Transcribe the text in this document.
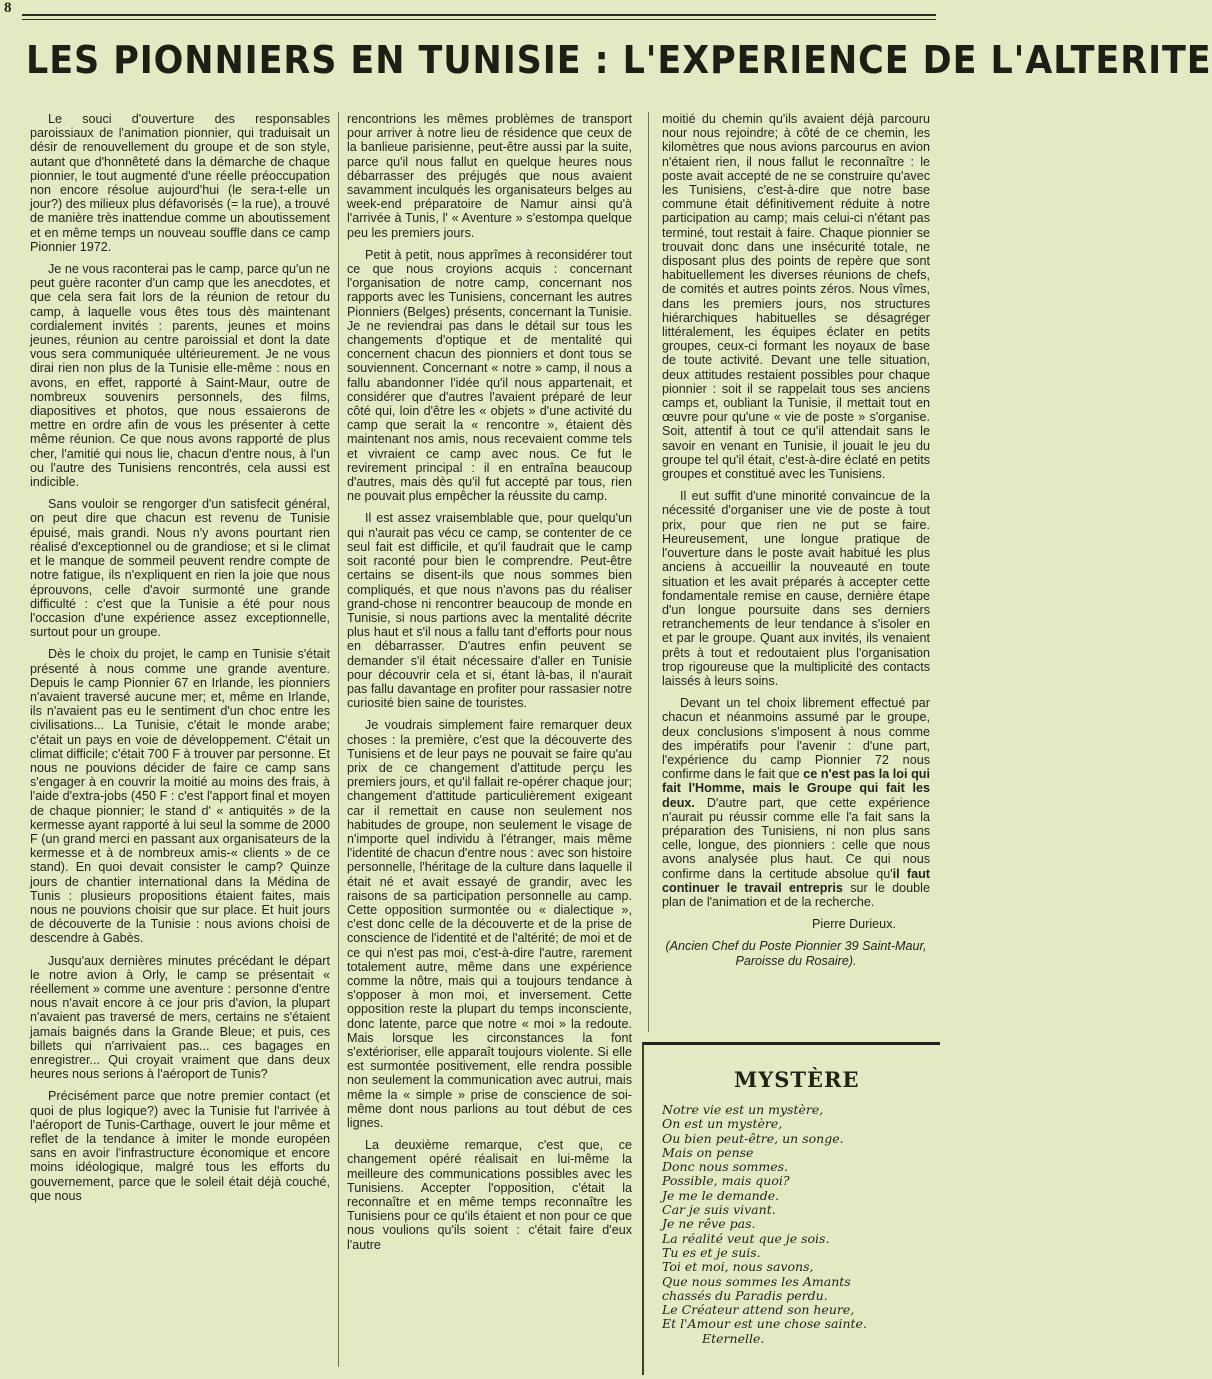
8
LES PIONNIERS EN TUNISIE : L'EXPERIENCE DE L'ALTERITE

Le souci d'ouverture des responsables paroissiaux de l'animation pionnier, qui traduisait un désir de renouvellement du groupe et de son style, autant que d'honnêteté dans la démarche de chaque pionnier, le tout augmenté d'une réelle préoccupation non encore résolue aujourd'hui (le sera-t-elle un jour?) des milieux plus défavorisés (= la rue), a trouvé de manière très inattendue comme un aboutissement et en même temps un nouveau souffle dans ce camp Pionnier 1972.

Je ne vous raconterai pas le camp, parce qu'un ne peut guère raconter d'un camp que les anecdotes, et que cela sera fait lors de la réunion de retour du camp, à laquelle vous êtes tous dès maintenant cordialement invités : parents, jeunes et moins jeunes, réunion au centre paroissial et dont la date vous sera communiquée ultérieurement. Je ne vous dirai rien non plus de la Tunisie elle-même : nous en avons, en effet, rapporté à Saint-Maur, outre de nombreux souvenirs personnels, des films, diapositives et photos, que nous essaierons de mettre en ordre afin de vous les présenter à cette même réunion. Ce que nous avons rapporté de plus cher, l'amitié qui nous lie, chacun d'entre nous, à l'un ou l'autre des Tunisiens rencontrés, cela aussi est indicible.

Sans vouloir se rengorger d'un satisfecit général, on peut dire que chacun est revenu de Tunisie épuisé, mais grandi. Nous n'y avons pourtant rien réalisé d'exceptionnel ou de grandiose; et si le climat et le manque de sommeil peuvent rendre compte de notre fatigue, ils n'expliquent en rien la joie que nous éprouvons, celle d'avoir surmonté une grande difficulté : c'est que la Tunisie a été pour nous l'occasion d'une expérience assez exceptionnelle, surtout pour un groupe.

Dès le choix du projet, le camp en Tunisie s'était présenté à nous comme une grande aventure. Depuis le camp Pionnier 67 en Irlande, les pionniers n'avaient traversé aucune mer; et, même en Irlande, ils n'avaient pas eu le sentiment d'un choc entre les civilisations... La Tunisie, c'était le monde arabe; c'était un pays en voie de développement. C'était un climat difficile; c'était 700 F à trouver par personne. Et nous ne pouvions décider de faire ce camp sans s'engager à en couvrir la moitié au moins des frais, à l'aide d'extra-jobs (450 F : c'est l'apport final et moyen de chaque pionnier; le stand d' « antiquités » de la kermesse ayant rapporté à lui seul la somme de 2000 F (un grand merci en passant aux organisateurs de la kermesse et à de nombreux amis-« clients » de ce stand). En quoi devait consister le camp? Quinze jours de chantier international dans la Médina de Tunis : plusieurs propositions étaient faites, mais nous ne pouvions choisir que sur place. Et huit jours de découverte de la Tunisie : nous avions choisi de descendre à Gabès.

Jusqu'aux dernières minutes précédant le départ le notre avion à Orly, le camp se présentait « réellement » comme une aventure : personne d'entre nous n'avait encore à ce jour pris d'avion, la plupart n'avaient pas traversé de mers, certains ne s'étaient jamais baignés dans la Grande Bleue; et puis, ces billets qui n'arrivaient pas... ces bagages en enregistrer... Qui croyait vraiment que dans deux heures nous serions à l'aéroport de Tunis?

Précisément parce que notre premier contact (et quoi de plus logique?) avec la Tunisie fut l'arrivée à l'aéroport de Tunis-Carthage, ouvert le jour même et reflet de la tendance à imiter le monde européen sans en avoir l'infrastructure économique et encore moins idéologique, malgré tous les efforts du gouvernement, parce que le soleil était déjà couché, que nous

rencontrions les mêmes problèmes de transport pour arriver à notre lieu de résidence que ceux de la banlieue parisienne, peut-être aussi par la suite, parce qu'il nous fallut en quelque heures nous débarrasser des préjugés que nous avaient savamment inculqués les organisateurs belges au week-end préparatoire de Namur ainsi qu'à l'arrivée à Tunis, l' « Aventure » s'estompa quelque peu les premiers jours.

Petit à petit, nous apprîmes à reconsidérer tout ce que nous croyions acquis : concernant l'organisation de notre camp, concernant nos rapports avec les Tunisiens, concernant les autres Pionniers (Belges) présents, concernant la Tunisie. Je ne reviendrai pas dans le détail sur tous les changements d'optique et de mentalité qui concernent chacun des pionniers et dont tous se souviennent. Concernant « notre » camp, il nous a fallu abandonner l'idée qu'il nous appartenait, et considérer que d'autres l'avaient préparé de leur côté qui, loin d'être les « objets » d'une activité du camp que serait la « rencontre », étaient dès maintenant nos amis, nous recevaient comme tels et vivraient ce camp avec nous. Ce fut le revirement principal : il en entraîna beaucoup d'autres, mais dès qu'il fut accepté par tous, rien ne pouvait plus empêcher la réussite du camp.

Il est assez vraisemblable que, pour quelqu'un qui n'aurait pas vécu ce camp, se contenter de ce seul fait est difficile, et qu'il faudrait que le camp soit raconté pour bien le comprendre. Peut-être certains se disent-ils que nous sommes bien compliqués, et que nous n'avons pas du réaliser grand-chose ni rencontrer beaucoup de monde en Tunisie, si nous partions avec la mentalité décrite plus haut et s'il nous a fallu tant d'efforts pour nous en débarrasser. D'autres enfin peuvent se demander s'il était nécessaire d'aller en Tunisie pour découvrir cela et si, étant là-bas, il n'aurait pas fallu davantage en profiter pour rassasier notre curiosité bien saine de touristes.

Je voudrais simplement faire remarquer deux choses : la première, c'est que la découverte des Tunisiens et de leur pays ne pouvait se faire qu'au prix de ce changement d'attitude perçu les premiers jours, et qu'il fallait re-opérer chaque jour; changement d'attitude particulièrement exigeant car il remettait en cause non seulement nos habitudes de groupe, non seulement le visage de n'importe quel individu à l'étranger, mais même l'identité de chacun d'entre nous : avec son histoire personnelle, l'héritage de la culture dans laquelle il était né et avait essayé de grandir, avec les raisons de sa participation personnelle au camp. Cette opposition surmontée ou « dialectique », c'est donc celle de la découverte et de la prise de conscience de l'identité et de l'altérité; de moi et de ce qui n'est pas moi, c'est-à-dire l'autre, rarement totalement autre, même dans une expérience comme la nôtre, mais qui a toujours tendance à s'opposer à mon moi, et inversement. Cette opposition reste la plupart du temps inconsciente, donc latente, parce que notre « moi » la redoute. Mais lorsque les circonstances la font s'extérioriser, elle apparaît toujours violente. Si elle est surmontée positivement, elle rendra possible non seulement la communication avec autrui, mais même la « simple » prise de conscience de soi-même dont nous parlions au tout début de ces lignes.

La deuxième remarque, c'est que, ce changement opéré réalisait en lui-même la meilleure des communications possibles avec les Tunisiens. Accepter l'opposition, c'était la reconnaître et en même temps reconnaître les Tunisiens pour ce qu'ils étaient et non pour ce que nous voulions qu'ils soient : c'était faire d'eux l'autre

moitié du chemin qu'ils avaient déjà parcouru nour nous rejoindre; à côté de ce chemin, les kilomètres que nous avions parcourus en avion n'étaient rien, il nous fallut le reconnaître : le poste avait accepté de ne se construire qu'avec les Tunisiens, c'est-à-dire que notre base commune était définitivement réduite à notre participation au camp; mais celui-ci n'étant pas terminé, tout restait à faire. Chaque pionnier se trouvait donc dans une insécurité totale, ne disposant plus des points de repère que sont habituellement les diverses réunions de chefs, de comités et autres points zéros. Nous vîmes, dans les premiers jours, nos structures hiérarchiques habituelles se désagréger littéralement, les équipes éclater en petits groupes, ceux-ci formant les noyaux de base de toute activité. Devant une telle situation, deux attitudes restaient possibles pour chaque pionnier : soit il se rappelait tous ses anciens camps et, oubliant la Tunisie, il mettait tout en œuvre pour qu'une « vie de poste » s'organise. Soit, attentif à tout ce qu'il attendait sans le savoir en venant en Tunisie, il jouait le jeu du groupe tel qu'il était, c'est-à-dire éclaté en petits groupes et constitué avec les Tunisiens.

Il eut suffit d'une minorité convaincue de la nécessité d'organiser une vie de poste à tout prix, pour que rien ne put se faire. Heureusement, une longue pratique de l'ouverture dans le poste avait habitué les plus anciens à accueillir la nouveauté en toute situation et les avait préparés à accepter cette fondamentale remise en cause, dernière étape d'un longue poursuite dans ses derniers retranchements de leur tendance à s'isoler en et par le groupe. Quant aux invités, ils venaient prêts à tout et redoutaient plus l'organisation trop rigoureuse que la multiplicité des contacts laissés à leurs soins.

Devant un tel choix librement effectué par chacun et néanmoins assumé par le groupe, deux conclusions s'imposent à nous comme des impératifs pour l'avenir : d'une part, l'expérience du camp Pionnier 72 nous confirme dans le fait que ce n'est pas la loi qui fait l'Homme, mais le Groupe qui fait les deux. D'autre part, que cette expérience n'aurait pu réussir comme elle l'a fait sans la préparation des Tunisiens, ni non plus sans celle, longue, des pionniers : celle que nous avons analysée plus haut. Ce qui nous confirme dans la certitude absolue qu'il faut continuer le travail entrepris sur le double plan de l'animation et de la recherche.

Pierre Durieux.

(Ancien Chef du Poste Pionnier 39 Saint-Maur, Paroisse du Rosaire).

MYSTÈRE
Notre vie est un mystère,
On est un mystère,
Ou bien peut-être, un songe.
Mais on pense
Donc nous sommes.
Possible, mais quoi?
Je me le demande.
Car je suis vivant.
Je ne rêve pas.
La réalité veut que je sois.
Tu es et je suis.
Toi et moi, nous savons,
Que nous sommes les Amants
chassés du Paradis perdu.
Le Créateur attend son heure,
Et l'Amour est une chose sainte.
Eternelle.
